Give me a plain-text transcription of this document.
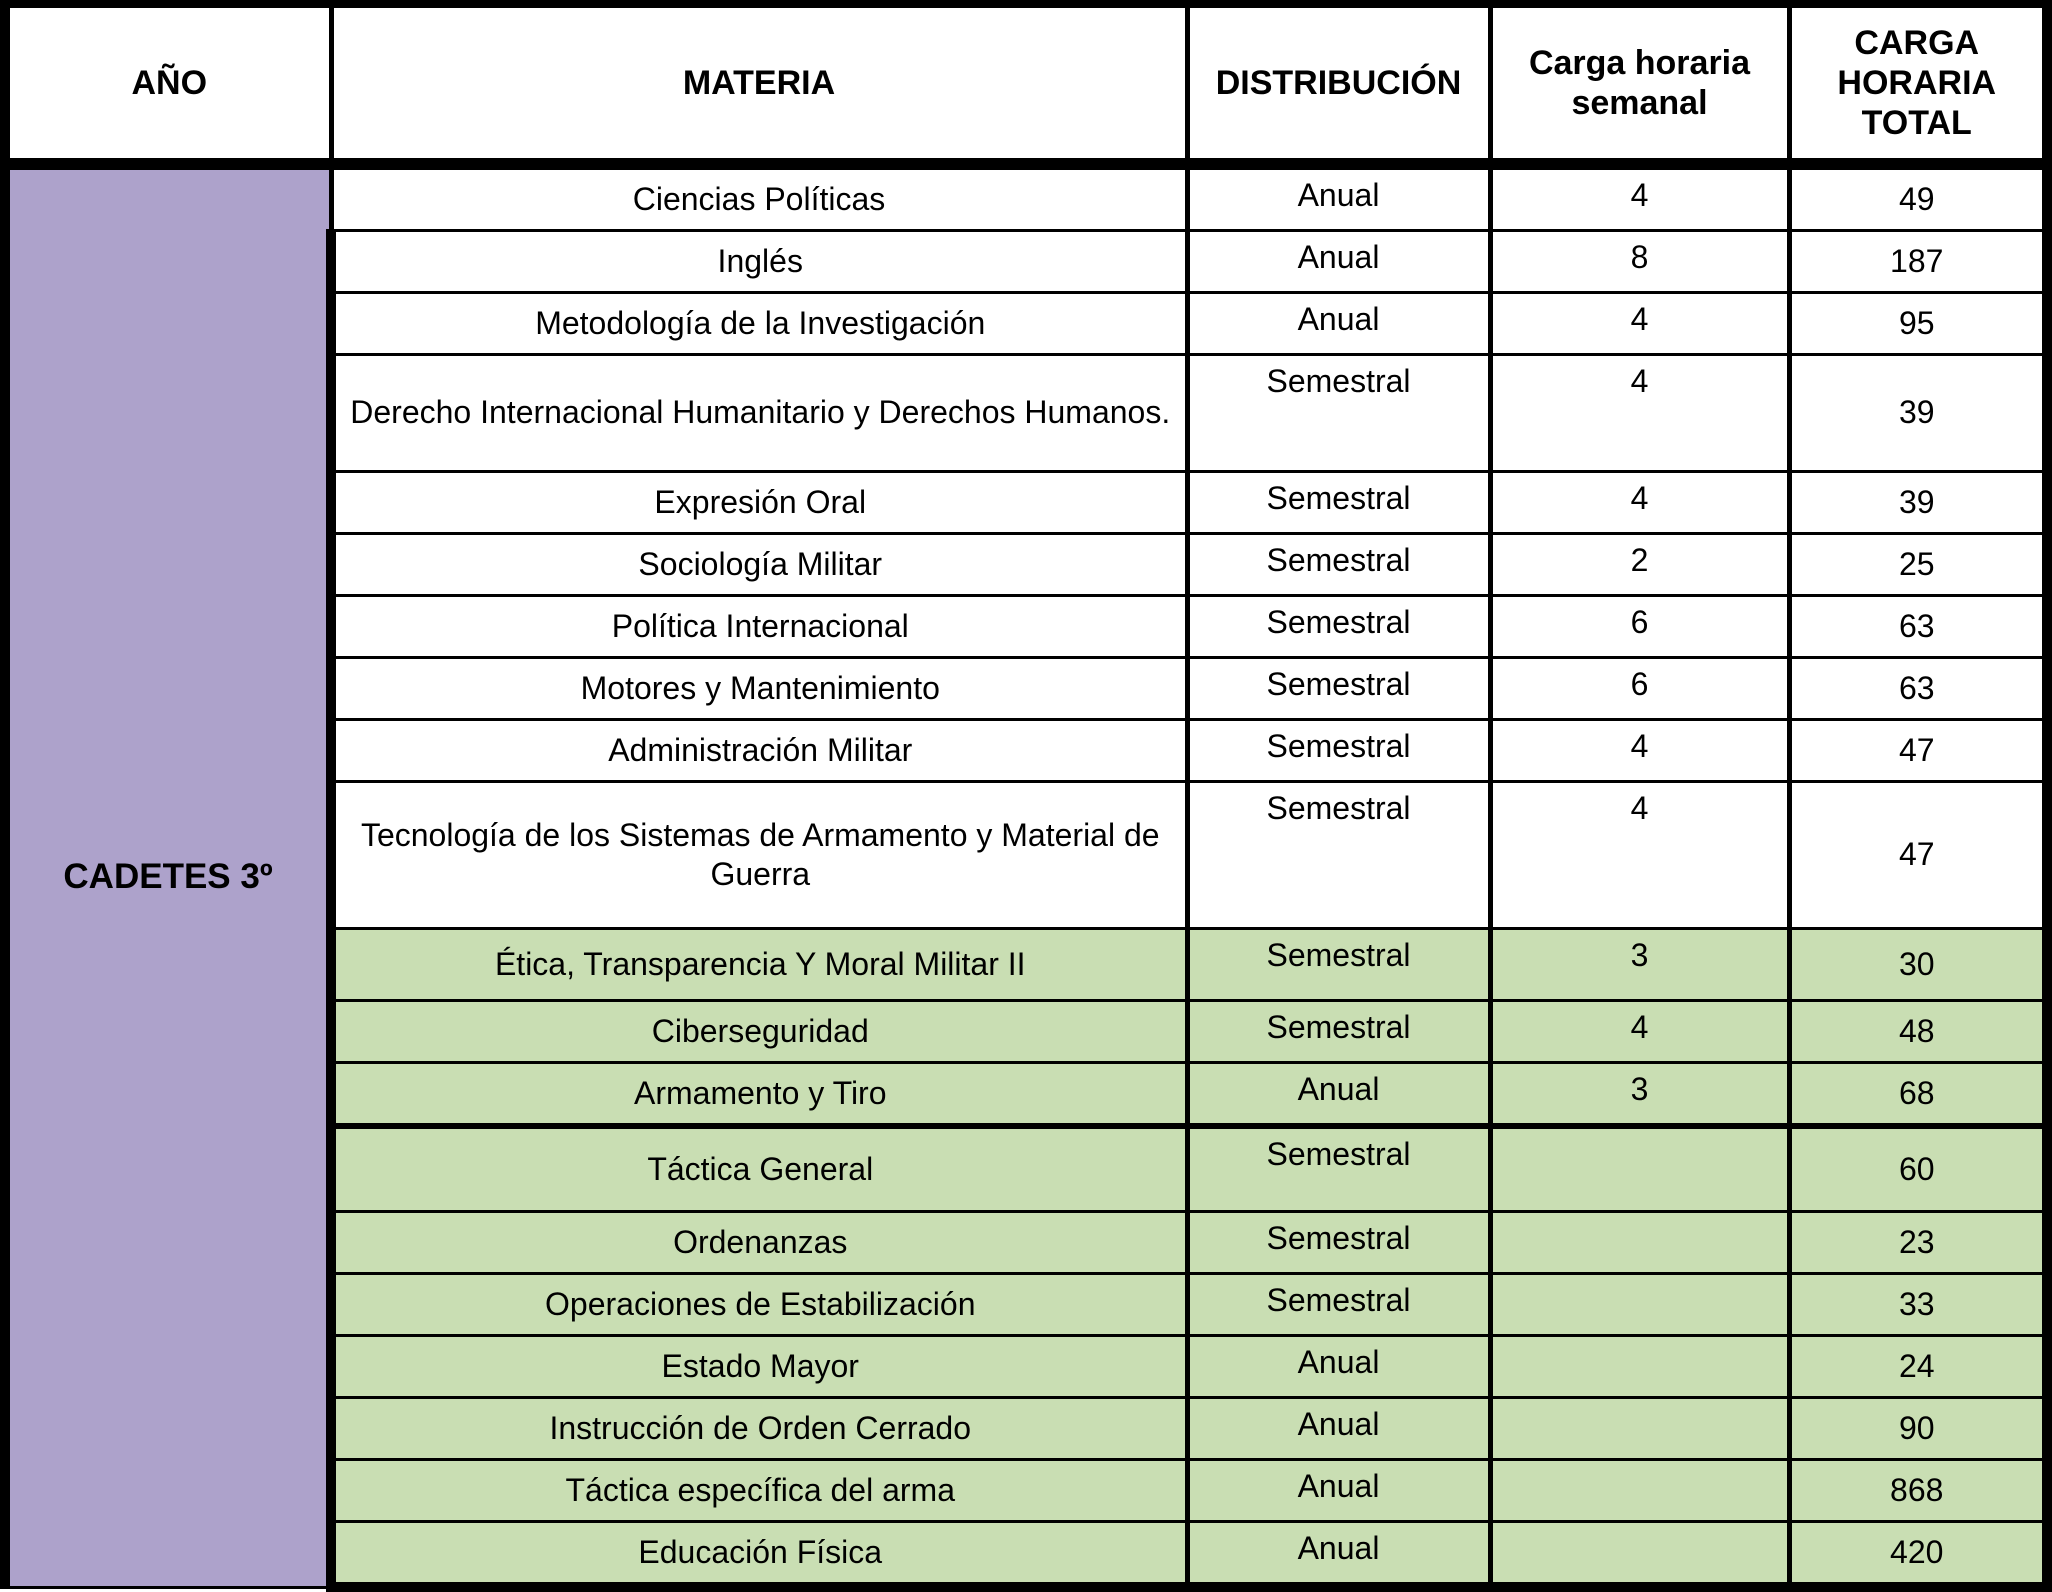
AÑO	MATERIA	DISTRIBUCIÓN	Carga horaria semanal	CARGA HORARIA TOTAL
CADETES 3º	Ciencias Políticas	Anual	4	49
	Inglés	Anual	8	187
	Metodología de la Investigación	Anual	4	95
	Derecho Internacional Humanitario y Derechos Humanos.	Semestral	4	39
	Expresión Oral	Semestral	4	39
	Sociología Militar	Semestral	2	25
	Política Internacional	Semestral	6	63
	Motores y Mantenimiento	Semestral	6	63
	Administración Militar	Semestral	4	47
	Tecnología de los Sistemas de Armamento y Material de Guerra	Semestral	4	47
	Ética, Transparencia Y Moral Militar II	Semestral	3	30
	Ciberseguridad	Semestral	4	48
	Armamento y Tiro	Anual	3	68
	Táctica General	Semestral		60
	Ordenanzas	Semestral		23
	Operaciones de Estabilización	Semestral		33
	Estado Mayor	Anual		24
	Instrucción de Orden Cerrado	Anual		90
	Táctica específica del arma	Anual		868
	Educación Física	Anual		420
